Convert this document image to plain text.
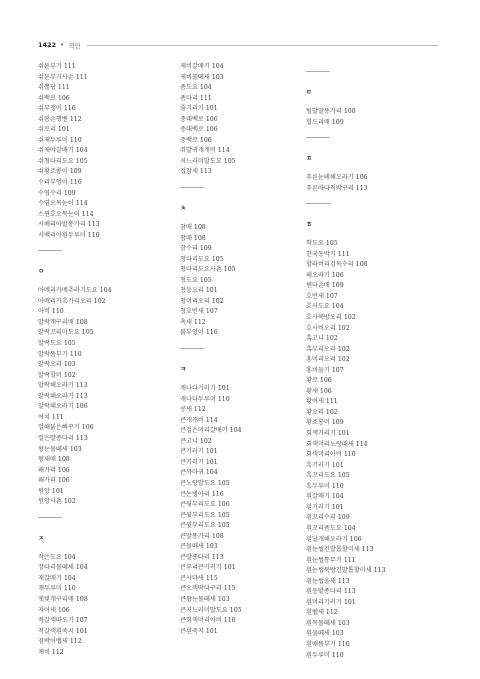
1422 • 색인
쉬튼부기 111
쉬튼부기사손 111
쉬뿔당 111
쉬백로 106
쉬부쟁이 116
쉬봄손행벤 112
쉬로리 101
쉬제두루미 110
쉬제야갈매기 104
쉬청다리도요 105
쉬황조롱이 109
수리부엉이 116
수영수리 109
수염오목눈이 114
스윈호오목눈이 114
시베리아말똥가리 113
시베리아흰두루미 110
ㅇ
아메리카메추라기도요 104
아메리카흑가리오리 102
아비 110
알락개구리매 108
알락꼬리마도요 105
알락도요 105
알락뜸부기 110
알락오리 103
알락할미 102
알락해오라기 113
알락해오라기 113
알락해오라기 106
여치 111
얼때붉은뻐꾸기 106
얼은발종다리 113
왕눈물떼새 103
왕새매 108
왜가리 106
왜가리 106
원앙 101
원앙사촌 102
ㅈ
작은도요 104
장다리물떼새 104
재갈매기 104
재두루미 110
잿빛개구리매 108
저어새 106
적갈색따오기 107
적갈색흰죽지 101
점박이뱁새 112
제비 112
제비갈매기 104
제비물떼새 103
좀도요 104
좀다리 111
줄기리기 101
중대백로 106
중대백로 106
중백로 106
쥐발귀개개비 114
지느러미발도요 105
집참새 113
ㅊ
참매 108
참매 108
참수리 109
청다리도요 105
청다리도요사촌 105
청도요 105
청둥오리 101
청머리오리 102
청호반새 107
촉새 112
붉부엉이 116
ㅋ
캐나다기러기 101
캐나다두루미 110
콩새 112
큰개개비 114
큰검은머리갈매기 104
큰고니 102
큰기러기 101
큰기러기 101
큰까마귀 104
큰노랑발도요 105
큰논병아리 116
큰뒷부리도요 106
큰뒷부리도요 105
큰뒷부리도요 105
큰말똥가리 108
큰물떼새 103
큰발종다리 113
큰부리큰기러기 101
큰사다새 115
큰오색딱다구리 115
큰왕눈물떼새 103
큰지느러미발도요 105
큰회색머리아비 110
큰흰죽지 101
ㅌ
털발말똥가리 108
힐드리매 109
ㅍ
푸른눈테해오라기 106
푸른바다직박구리 113
ㅎ
학도요 105
한국동박기 111
할라버리검독수리 108
해오라기 106
헨다손매 109
호반새 107
호사도요 104
호사북방오리 102
호사비오리 102
혹고니 102
혹부리오리 102
홍머리오리 102
홍비둘기 107
황로 106
황새 106
황여새 111
황오리 102
황조롱이 109
회색가리기 101
회색머리노랑때새 114
회색머리아비 110
흑기러기 101
흑꼬리도요 105
흑두루미 110
흰갈매기 104
흰기러기 101
흰꼬리수리 109
흰꼬리좀도요 104
흰날개해오라기 106
흰눈썹긴발톱할미새 113
흰눈썹통무기 111
흰눈썹북방긴발톱할미새 113
흰눈썹울새 113
흰등밭종다리 113
흰머리기러기 101
흰뱁새 112
흰목물떼새 103
흰물떼새 103
흰배뜸부기 110
흰두루미 110
